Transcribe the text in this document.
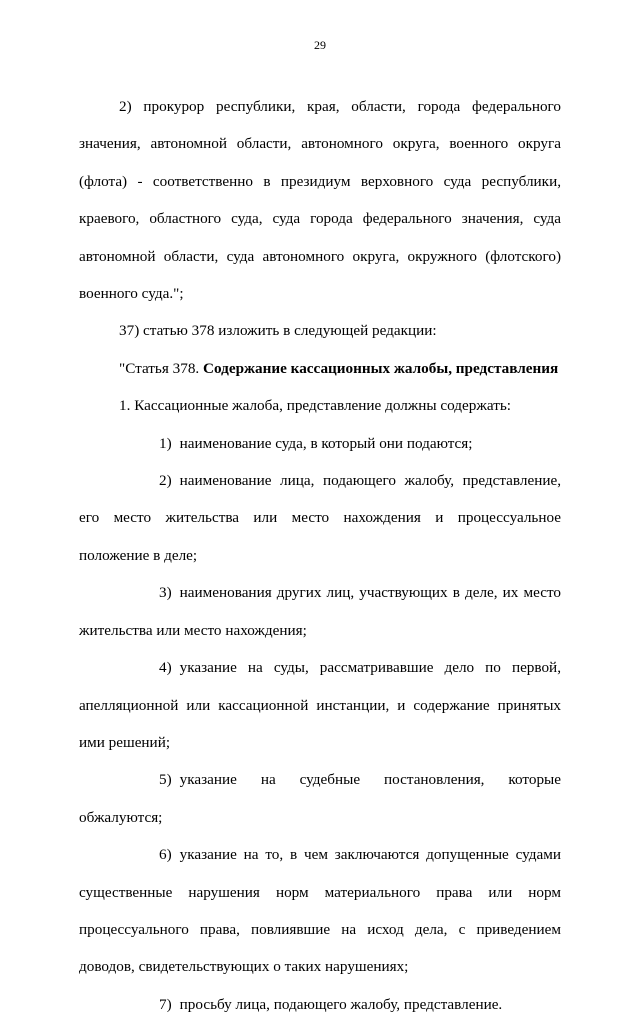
29

2) прокурор республики, края, области, города федерального значения, автономной области, автономного округа, военного округа (флота) - соответственно в президиум верховного суда республики, краевого, областного суда, суда города федерального значения, суда автономной области, суда автономного округа, окружного (флотского) военного суда.";

37) статью 378 изложить в следующей редакции:

"Статья 378. Содержание кассационных жалобы, представления

1. Кассационные жалоба, представление должны содержать:

1) наименование суда, в который они подаются;

2) наименование лица, подающего жалобу, представление, его место жительства или место нахождения и процессуальное положение в деле;

3) наименования других лиц, участвующих в деле, их место жительства или место нахождения;

4) указание на суды, рассматривавшие дело по первой, апелляционной или кассационной инстанции, и содержание принятых ими решений;

5) указание на судебные постановления, которые обжалуются;

6) указание на то, в чем заключаются допущенные судами существенные нарушения норм материального права или норм процессуального права, повлиявшие на исход дела, с приведением доводов, свидетельствующих о таких нарушениях;

7) просьбу лица, подающего жалобу, представление.
